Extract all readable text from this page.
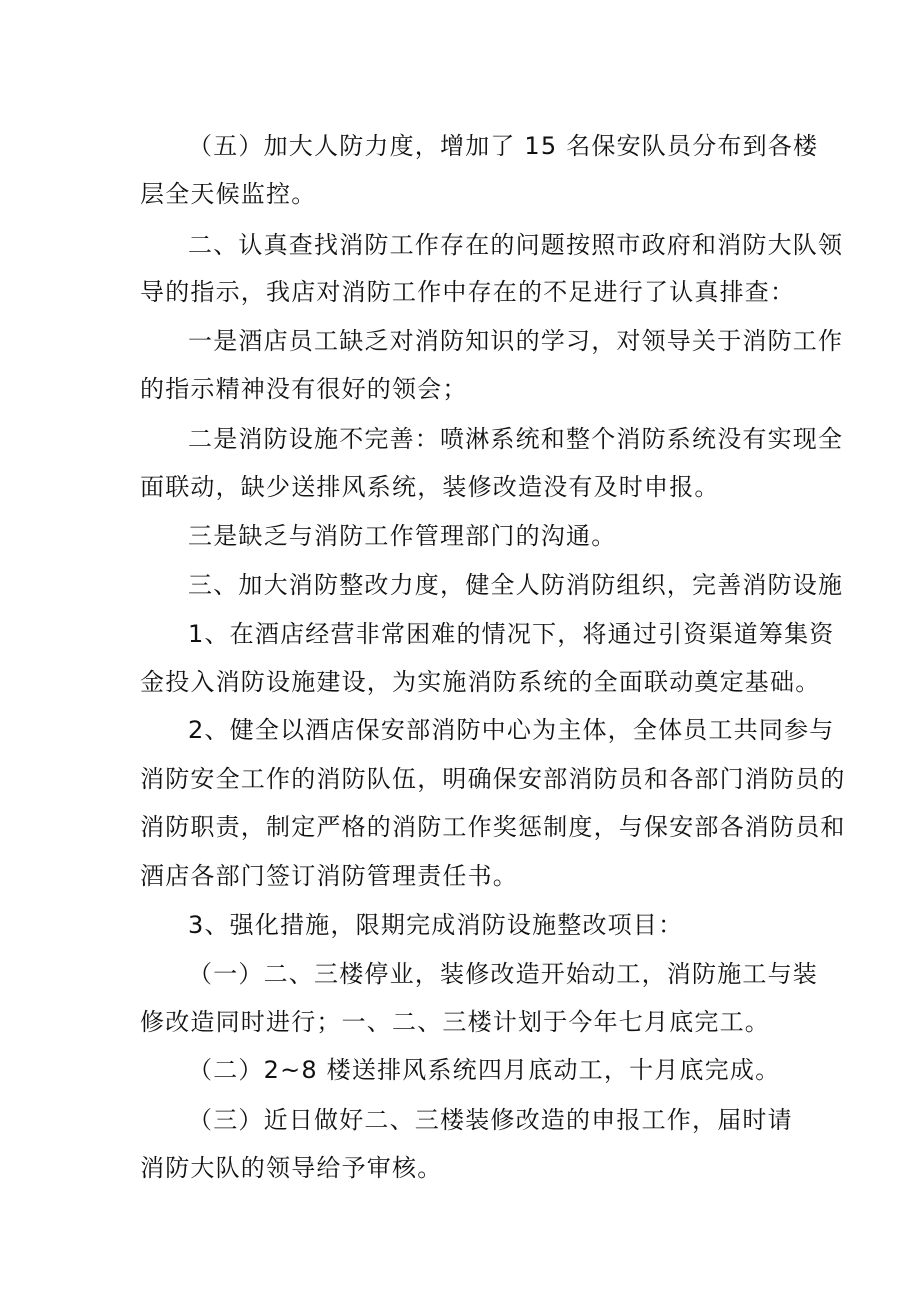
（五）加大人防力度，增加了 15 名保安队员分布到各楼
层全天候监控。
二、认真查找消防工作存在的问题按照市政府和消防大队领
导的指示，我店对消防工作中存在的不足进行了认真排查：
一是酒店员工缺乏对消防知识的学习，对领导关于消防工作
的指示精神没有很好的领会；
二是消防设施不完善：喷淋系统和整个消防系统没有实现全
面联动，缺少送排风系统，装修改造没有及时申报。
三是缺乏与消防工作管理部门的沟通。
三、加大消防整改力度，健全人防消防组织，完善消防设施
1、在酒店经营非常困难的情况下，将通过引资渠道筹集资
金投入消防设施建设，为实施消防系统的全面联动奠定基础。
2、健全以酒店保安部消防中心为主体，全体员工共同参与
消防安全工作的消防队伍，明确保安部消防员和各部门消防员的
消防职责，制定严格的消防工作奖惩制度，与保安部各消防员和
酒店各部门签订消防管理责任书。
3、强化措施，限期完成消防设施整改项目：
（一）二、三楼停业，装修改造开始动工，消防施工与装
修改造同时进行；一、二、三楼计划于今年七月底完工。
（二）2~8 楼送排风系统四月底动工，十月底完成。
（三）近日做好二、三楼装修改造的申报工作，届时请
消防大队的领导给予审核。
